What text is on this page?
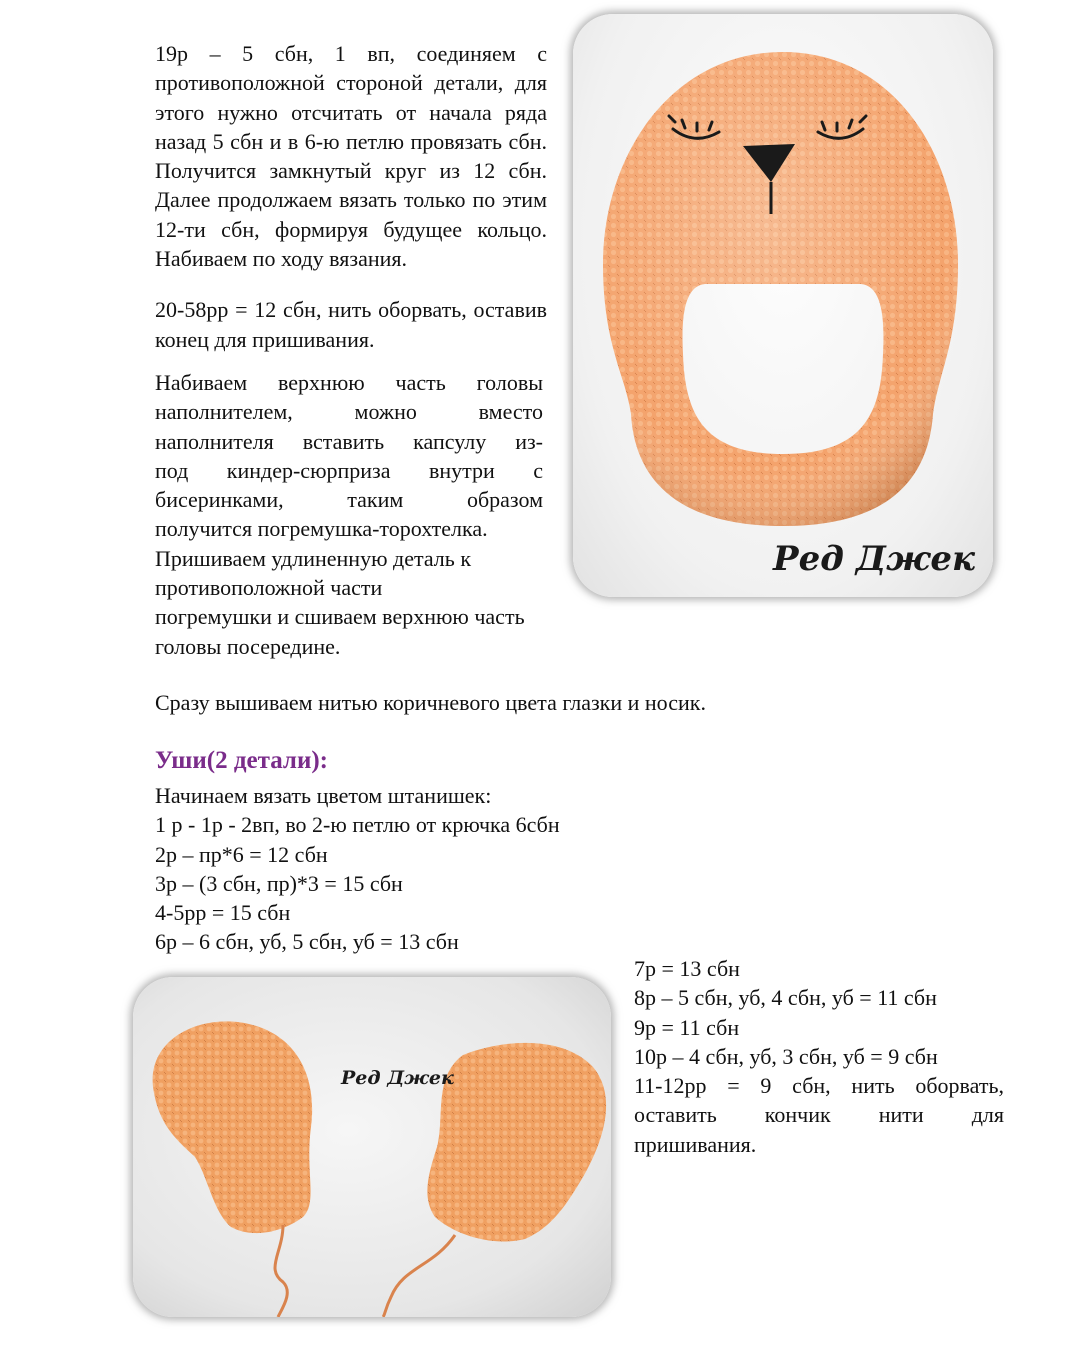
19р – 5 сбн, 1 вп, соединяем с противоположной стороной детали, для этого нужно отсчитать от начала ряда назад 5 сбн и в 6-ю петлю провязать сбн. Получится замкнутый круг из 12 сбн. Далее продолжаем вязать только по этим 12-ти сбн, формируя будущее кольцо. Набиваем по ходу вязания.

20-58рр = 12 сбн, нить оборвать, оставив конец для пришивания.

Набиваем верхнюю часть головы
наполнителем, можно вместо
наполнителя вставить капсулу из-
под киндер-сюрприза внутри с
бисеринками, таким образом
получится погремушка-торохтелка.
Пришиваем удлиненную деталь к
противоположной части
погремушки и сшиваем верхнюю часть
головы посередине.
Сразу вышиваем нитью коричневого цвета глазки и носик.
Уши(2 детали):
Начинаем вязать цветом штанишек:
1 р - 1р - 2вп, во 2-ю петлю от крючка 6сбн
2р – пр*6 = 12 сбн
3р – (3 сбн, пр)*3 = 15 сбн
4-5рр = 15 сбн
6р – 6 сбн, уб, 5 сбн, уб = 13 сбн
7р = 13 сбн
8р – 5 сбн, уб, 4 сбн, уб = 11 сбн
9р = 11 сбн
10р – 4 сбн, уб, 3 сбн, уб = 9 сбн
11-12рр = 9 сбн, нить оборвать,
оставить кончик нити для
пришивания.
Ред Джек
Ред Джек
